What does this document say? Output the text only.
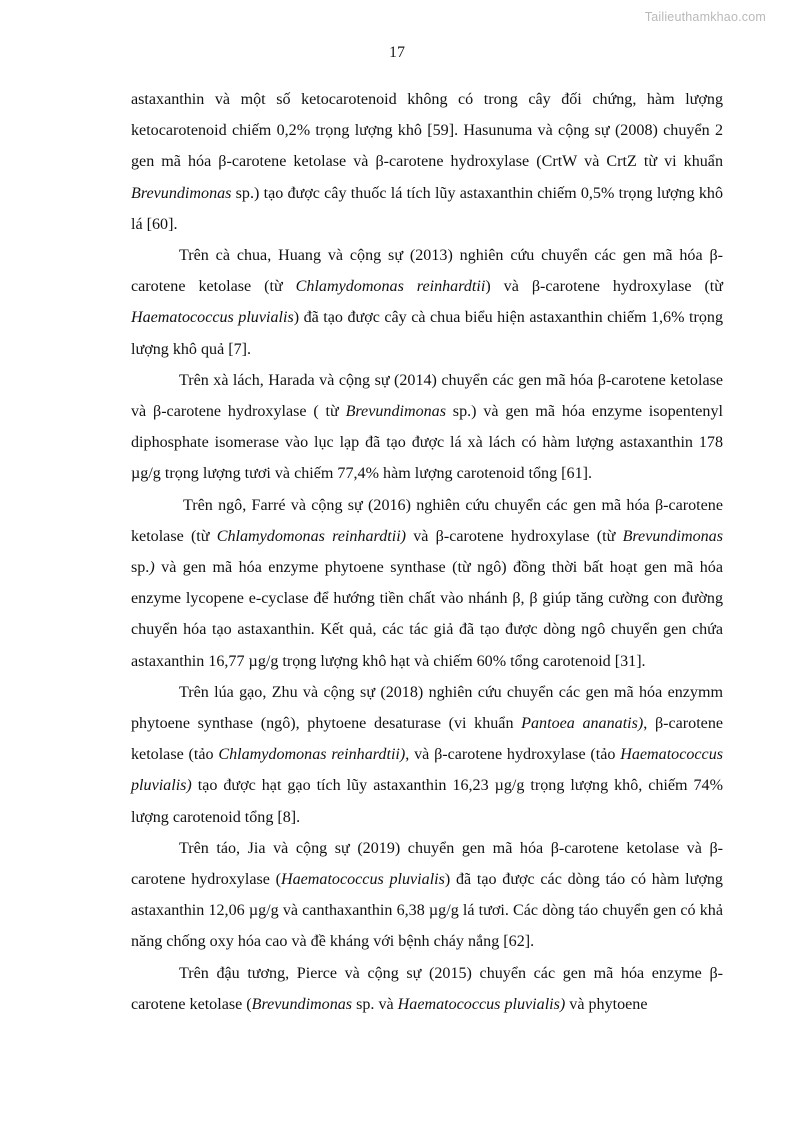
Tailieuthamkhao.com
17

astaxanthin và một số ketocarotenoid không có trong cây đối chứng, hàm lượng ketocarotenoid chiếm 0,2% trọng lượng khô [59]. Hasunuma và cộng sự (2008) chuyển 2 gen mã hóa β-carotene ketolase và β-carotene hydroxylase (CrtW và CrtZ từ vi khuẩn Brevundimonas sp.) tạo được cây thuốc lá tích lũy astaxanthin chiếm 0,5% trọng lượng khô lá [60].

Trên cà chua, Huang và cộng sự (2013) nghiên cứu chuyển các gen mã hóa β-carotene ketolase (từ Chlamydomonas reinhardtii) và β-carotene hydroxylase (từ Haematococcus pluvialis) đã tạo được cây cà chua biểu hiện astaxanthin chiếm 1,6% trọng lượng khô quả [7].

Trên xà lách, Harada và cộng sự (2014) chuyển các gen mã hóa β-carotene ketolase và β-carotene hydroxylase ( từ Brevundimonas sp.) và gen mã hóa enzyme isopentenyl diphosphate isomerase vào lục lạp đã tạo được lá xà lách có hàm lượng astaxanthin 178 µg/g trọng lượng tươi và chiếm 77,4% hàm lượng carotenoid tổng [61].

Trên ngô, Farré và cộng sự (2016) nghiên cứu chuyển các gen mã hóa β-carotene ketolase (từ Chlamydomonas reinhardtii) và β-carotene hydroxylase (từ Brevundimonas sp.) và gen mã hóa enzyme phytoene synthase (từ ngô) đồng thời bất hoạt gen mã hóa enzyme lycopene e-cyclase để hướng tiền chất vào nhánh β, β giúp tăng cường con đường chuyển hóa tạo astaxanthin. Kết quả, các tác giả đã tạo được dòng ngô chuyển gen chứa astaxanthin 16,77 µg/g trọng lượng khô hạt và chiếm 60% tổng carotenoid [31].

Trên lúa gạo, Zhu và cộng sự (2018) nghiên cứu chuyển các gen mã hóa enzymm phytoene synthase (ngô), phytoene desaturase (vi khuẩn Pantoea ananatis), β-carotene ketolase (tảo Chlamydomonas reinhardtii), và β-carotene hydroxylase (tảo Haematococcus pluvialis) tạo được hạt gạo tích lũy astaxanthin 16,23 µg/g trọng lượng khô, chiếm 74% lượng carotenoid tổng [8].

Trên táo, Jia và cộng sự (2019) chuyển gen mã hóa β-carotene ketolase và β-carotene hydroxylase (Haematococcus pluvialis) đã tạo được các dòng táo có hàm lượng astaxanthin 12,06 µg/g và canthaxanthin 6,38 µg/g lá tươi. Các dòng táo chuyển gen có khả năng chống oxy hóa cao và đề kháng với bệnh cháy nắng [62].

Trên đậu tương, Pierce và cộng sự (2015) chuyển các gen mã hóa enzyme β-carotene ketolase (Brevundimonas sp. và Haematococcus pluvialis) và phytoene
